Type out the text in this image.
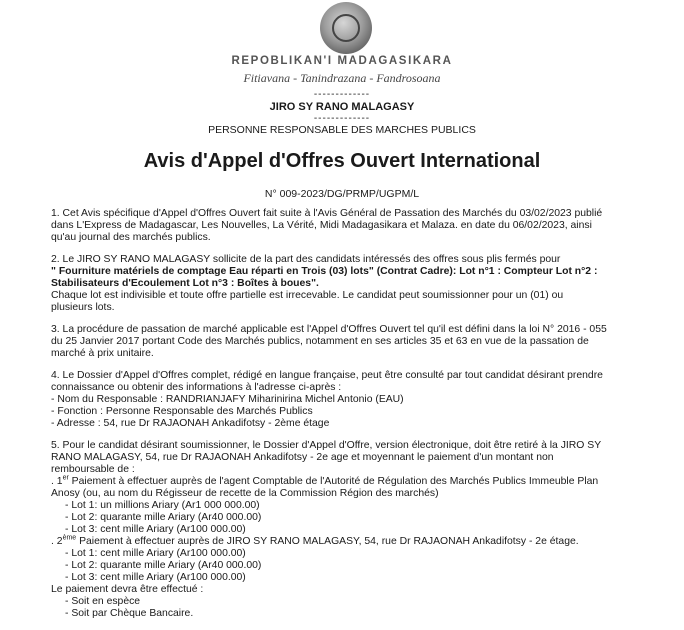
REPOBLIKAN'I MADAGASIKARA
Fitiavana - Tanindrazana - Fandrosoana
-------------
JIRO SY RANO MALAGASY
-------------
PERSONNE RESPONSABLE DES MARCHES PUBLICS
Avis d'Appel d'Offres Ouvert International
N° 009-2023/DG/PRMP/UGPM/L
1. Cet Avis spécifique d'Appel d'Offres Ouvert fait suite à l'Avis Général de Passation des Marchés du 03/02/2023 publié
dans L'Express de Madagascar, Les Nouvelles, La Vérité, Midi Madagasikara et Malaza. en date du 06/02/2023, ainsi
qu'au journal des marchés publics.
2. Le JIRO SY RANO MALAGASY sollicite de la part des candidats intéressés des offres sous plis fermés pour
" Fourniture matériels de comptage Eau réparti en Trois (03) lots" (Contrat Cadre): Lot n°1 : Compteur Lot n°2 :
Stabilisateurs d'Ecoulement Lot n°3 : Boîtes à boues".
Chaque lot est indivisible et toute offre partielle est irrecevable. Le candidat peut soumissionner pour un (01) ou
plusieurs lots.
3. La procédure de passation de marché applicable est l'Appel d'Offres Ouvert tel qu'il est défini dans la loi N° 2016 - 055
du 25 Janvier 2017 portant Code des Marchés publics, notamment en ses articles 35 et 63 en vue de la passation de
marché à prix unitaire.
4. Le Dossier d'Appel d'Offres complet, rédigé en langue française, peut être consulté par tout candidat désirant prendre
connaissance ou obtenir des informations à l'adresse ci-après :
- Nom du Responsable : RANDRIANJAFY Miharinirina Michel Antonio (EAU)
- Fonction : Personne Responsable des Marchés Publics
- Adresse : 54, rue Dr RAJAONAH Ankadifotsy - 2ème étage
5. Pour le candidat désirant soumissionner, le Dossier d'Appel d'Offre, version électronique, doit être retiré à la JIRO SY
RANO MALAGASY, 54, rue Dr RAJAONAH Ankadifotsy - 2e age et moyennant le paiement d'un montant non
remboursable de :
. 1er Paiement à effectuer auprès de l'agent Comptable de l'Autorité de Régulation des Marchés Publics Immeuble Plan
Anosy (ou, au nom du Régisseur de recette de la Commission Région des marchés)
- Lot 1: un millions Ariary (Ar1 000 000.00)
- Lot 2: quarante mille Ariary (Ar40 000.00)
- Lot 3: cent mille Ariary (Ar100 000.00)
. 2ème Paiement à effectuer auprès de JIRO SY RANO MALAGASY, 54, rue Dr RAJAONAH Ankadifotsy - 2e étage.
- Lot 1: cent mille Ariary (Ar100 000.00)
- Lot 2: quarante mille Ariary (Ar40 000.00)
- Lot 3: cent mille Ariary (Ar100 000.00)
Le paiement devra être effectué :
- Soit en espèce
- Soit par Chèque Bancaire.
